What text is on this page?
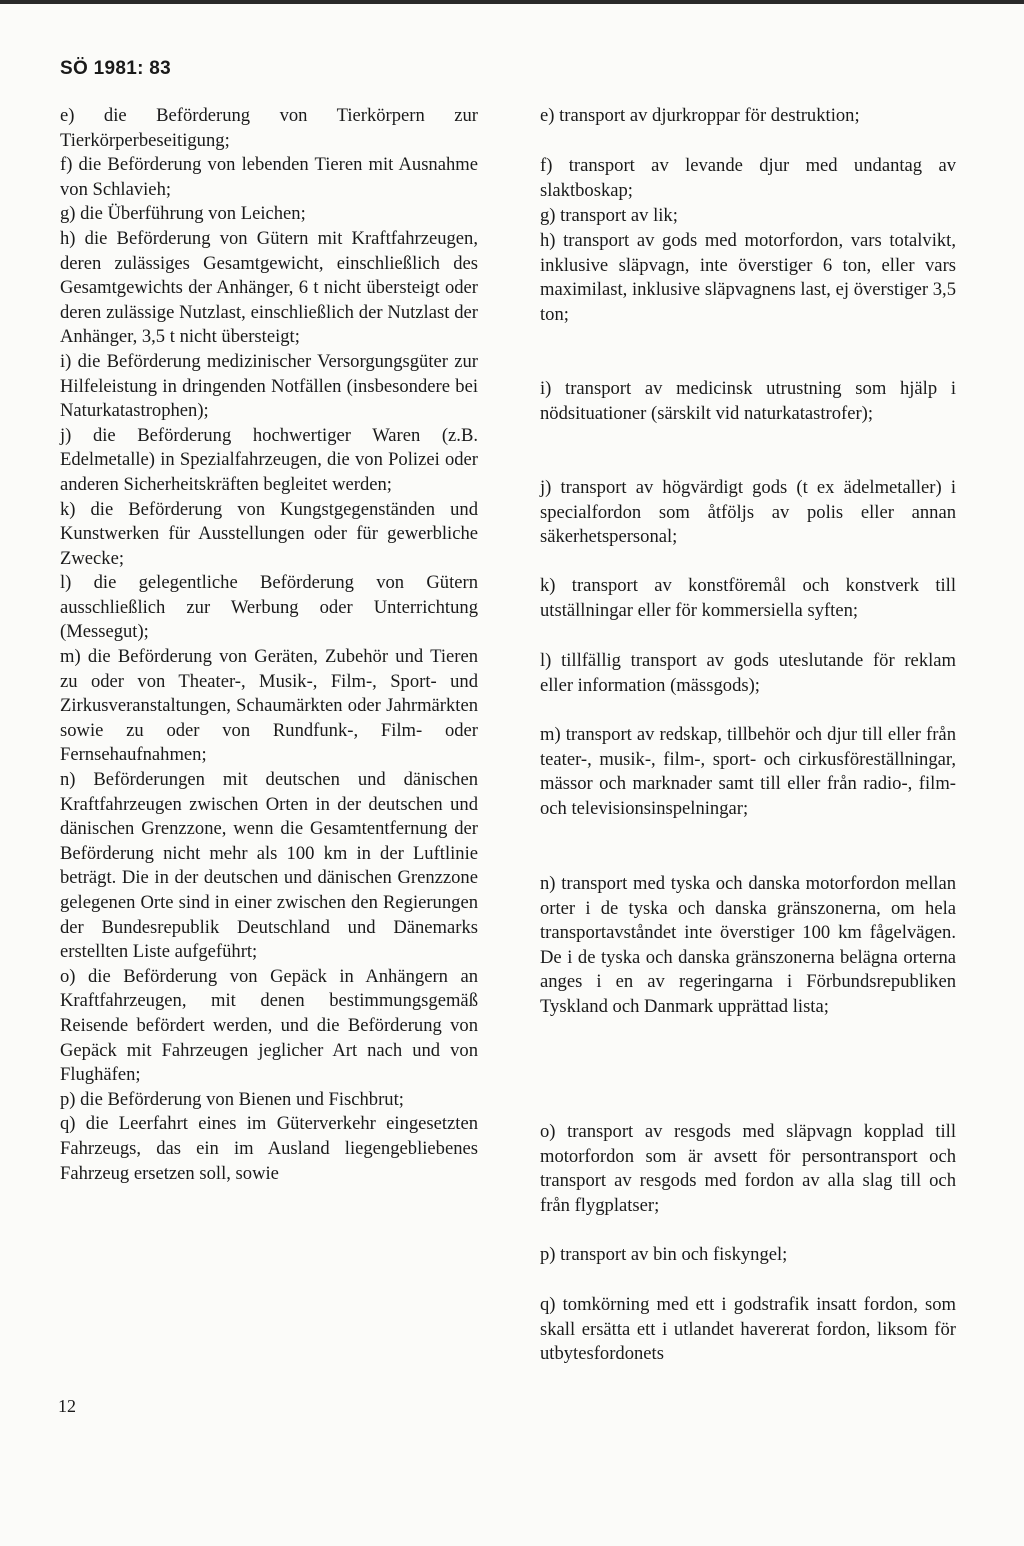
SÖ 1981: 83

e) die Beförderung von Tierkörpern zur Tierkörperbeseitigung;

f) die Beförderung von lebenden Tieren mit Ausnahme von Schlavieh;

g) die Überführung von Leichen;

h) die Beförderung von Gütern mit Kraftfahrzeugen, deren zulässiges Gesamtgewicht, einschließlich des Gesamtgewichts der Anhänger, 6 t nicht übersteigt oder deren zulässige Nutzlast, einschließlich der Nutzlast der Anhänger, 3,5 t nicht übersteigt;

i) die Beförderung medizinischer Versorgungsgüter zur Hilfeleistung in dringenden Notfällen (insbesondere bei Naturkatastrophen);

j) die Beförderung hochwertiger Waren (z.B. Edelmetalle) in Spezialfahrzeugen, die von Polizei oder anderen Sicherheitskräften begleitet werden;

k) die Beförderung von Kungstgegenständen und Kunstwerken für Ausstellungen oder für gewerbliche Zwecke;

l) die gelegentliche Beförderung von Gütern ausschließlich zur Werbung oder Unterrichtung (Messegut);

m) die Beförderung von Geräten, Zubehör und Tieren zu oder von Theater-, Musik-, Film-, Sport- und Zirkusveranstaltungen, Schaumärkten oder Jahrmärkten sowie zu oder von Rundfunk-, Film- oder Fernsehaufnahmen;

n) Beförderungen mit deutschen und dänischen Kraftfahrzeugen zwischen Orten in der deutschen und dänischen Grenzzone, wenn die Gesamtentfernung der Beförderung nicht mehr als 100 km in der Luftlinie beträgt. Die in der deutschen und dänischen Grenzzone gelegenen Orte sind in einer zwischen den Regierungen der Bundesrepublik Deutschland und Dänemarks erstellten Liste aufgeführt;

o) die Beförderung von Gepäck in Anhängern an Kraftfahrzeugen, mit denen bestimmungsgemäß Reisende befördert werden, und die Beförderung von Gepäck mit Fahrzeugen jeglicher Art nach und von Flughäfen;

p) die Beförderung von Bienen und Fischbrut;

q) die Leerfahrt eines im Güterverkehr eingesetzten Fahrzeugs, das ein im Ausland liegengebliebenes Fahrzeug ersetzen soll, sowie

e) transport av djurkroppar för destruktion;

f) transport av levande djur med undantag av slaktboskap;

g) transport av lik;

h) transport av gods med motorfordon, vars totalvikt, inklusive släpvagn, inte överstiger 6 ton, eller vars maximilast, inklusive släpvagnens last, ej överstiger 3,5 ton;

i) transport av medicinsk utrustning som hjälp i nödsituationer (särskilt vid naturkatastrofer);

j) transport av högvärdigt gods (t ex ädelmetaller) i specialfordon som åtföljs av polis eller annan säkerhetspersonal;

k) transport av konstföremål och konstverk till utställningar eller för kommersiella syften;

l) tillfällig transport av gods uteslutande för reklam eller information (mässgods);

m) transport av redskap, tillbehör och djur till eller från teater-, musik-, film-, sport- och cirkusföreställningar, mässor och marknader samt till eller från radio-, film- och televisionsinspelningar;

n) transport med tyska och danska motorfordon mellan orter i de tyska och danska gränszonerna, om hela transportavståndet inte överstiger 100 km fågelvägen. De i de tyska och danska gränszonerna belägna orterna anges i en av regeringarna i Förbundsrepubliken Tyskland och Danmark upprättad lista;

o) transport av resgods med släpvagn kopplad till motorfordon som är avsett för persontransport och transport av resgods med fordon av alla slag till och från flygplatser;

p) transport av bin och fiskyngel;

q) tomkörning med ett i godstrafik insatt fordon, som skall ersätta ett i utlandet havererat fordon, liksom för utbytesfordonets

12
